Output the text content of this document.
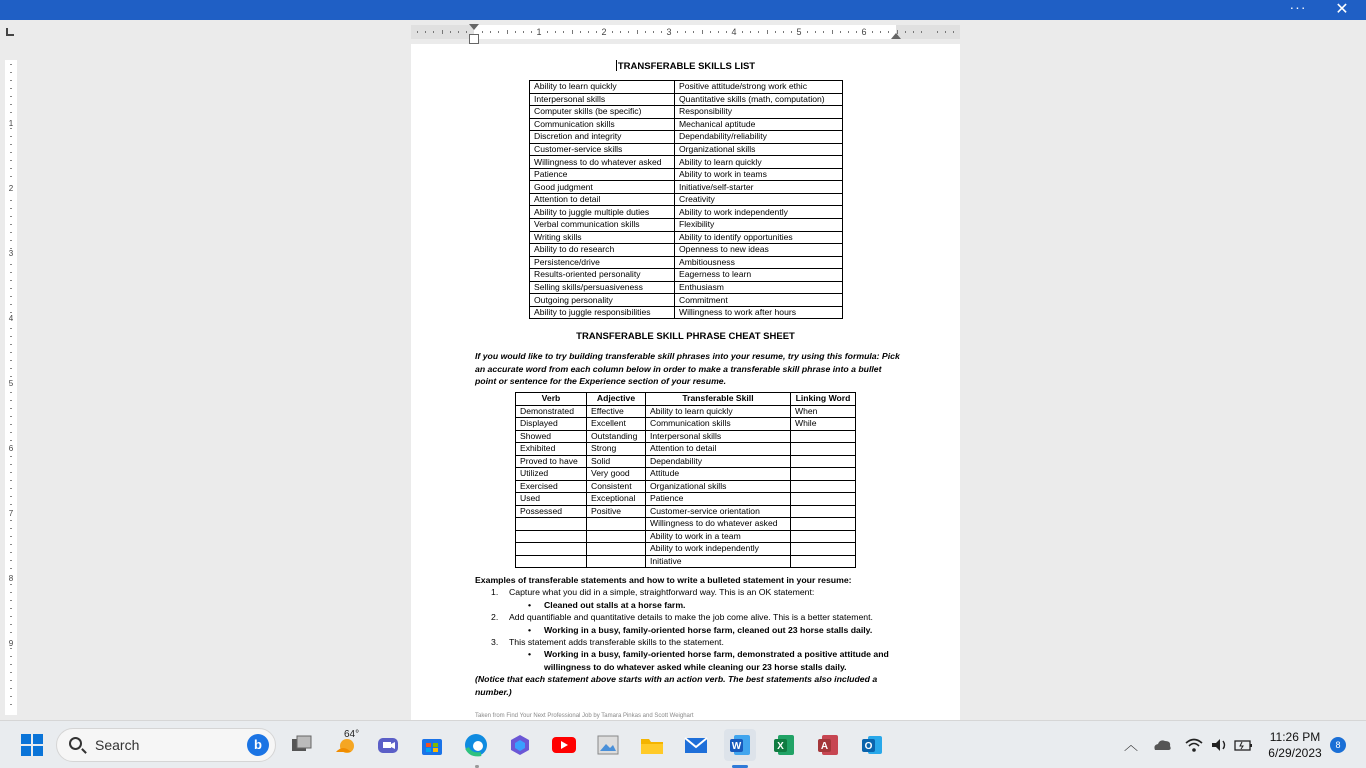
···	✕
1	2	3	4	5	6
1
2
3
4
5
6
7
8
9
TRANSFERABLE SKILLS LIST
Ability to learn quickly	Positive attitude/strong work ethic
Interpersonal skills	Quantitative skills (math, computation)
Computer skills (be specific)	Responsibility
Communication skills	Mechanical aptitude
Discretion and integrity	Dependability/reliability
Customer-service skills	Organizational skills
Willingness to do whatever asked	Ability to learn quickly
Patience	Ability to work in teams
Good judgment	Initiative/self-starter
Attention to detail	Creativity
Ability to juggle multiple duties	Ability to work independently
Verbal communication skills	Flexibility
Writing skills	Ability to identify opportunities
Ability to do research	Openness to new ideas
Persistence/drive	Ambitiousness
Results-oriented personality	Eagerness to learn
Selling skills/persuasiveness	Enthusiasm
Outgoing personality	Commitment
Ability to juggle responsibilities	Willingness to work after hours
TRANSFERABLE SKILL PHRASE CHEAT SHEET
If you would like to try building transferable skill phrases into your resume, try using this formula: Pick an accurate word from each column below in order to make a transferable skill phrase into a bullet point or sentence for the Experience section of your resume.
Verb	Adjective	Transferable Skill	Linking Word
Demonstrated	Effective	Ability to learn quickly	When
Displayed	Excellent	Communication skills	While
Showed	Outstanding	Interpersonal skills	
Exhibited	Strong	Attention to detail	
Proved to have	Solid	Dependability	
Utilized	Very good	Attitude	
Exercised	Consistent	Organizational skills	
Used	Exceptional	Patience	
Possessed	Positive	Customer-service orientation	
		Willingness to do whatever asked	
		Ability to work in a team	
		Ability to work independently	
		Initiative	
Examples of transferable statements and how to write a bulleted statement in your resume:
1. Capture what you did in a simple, straightforward way. This is an OK statement:
• Cleaned out stalls at a horse farm.
2. Add quantifiable and quantitative details to make the job come alive. This is a better statement.
• Working in a busy, family-oriented horse farm, cleaned out 23 horse stalls daily.
3. This statement adds transferable skills to the statement.
• Working in a busy, family-oriented horse farm, demonstrated a positive attitude and willingness to do whatever asked while cleaning our 23 horse stalls daily.
(Notice that each statement above starts with an action verb. The best statements also included a number.)
Taken from Find Your Next Professional Job by Tamara Pinkas and Scott Weighart
Search	b
64°
W	X	A	O	︿	11:26 PM
6/29/2023
8
